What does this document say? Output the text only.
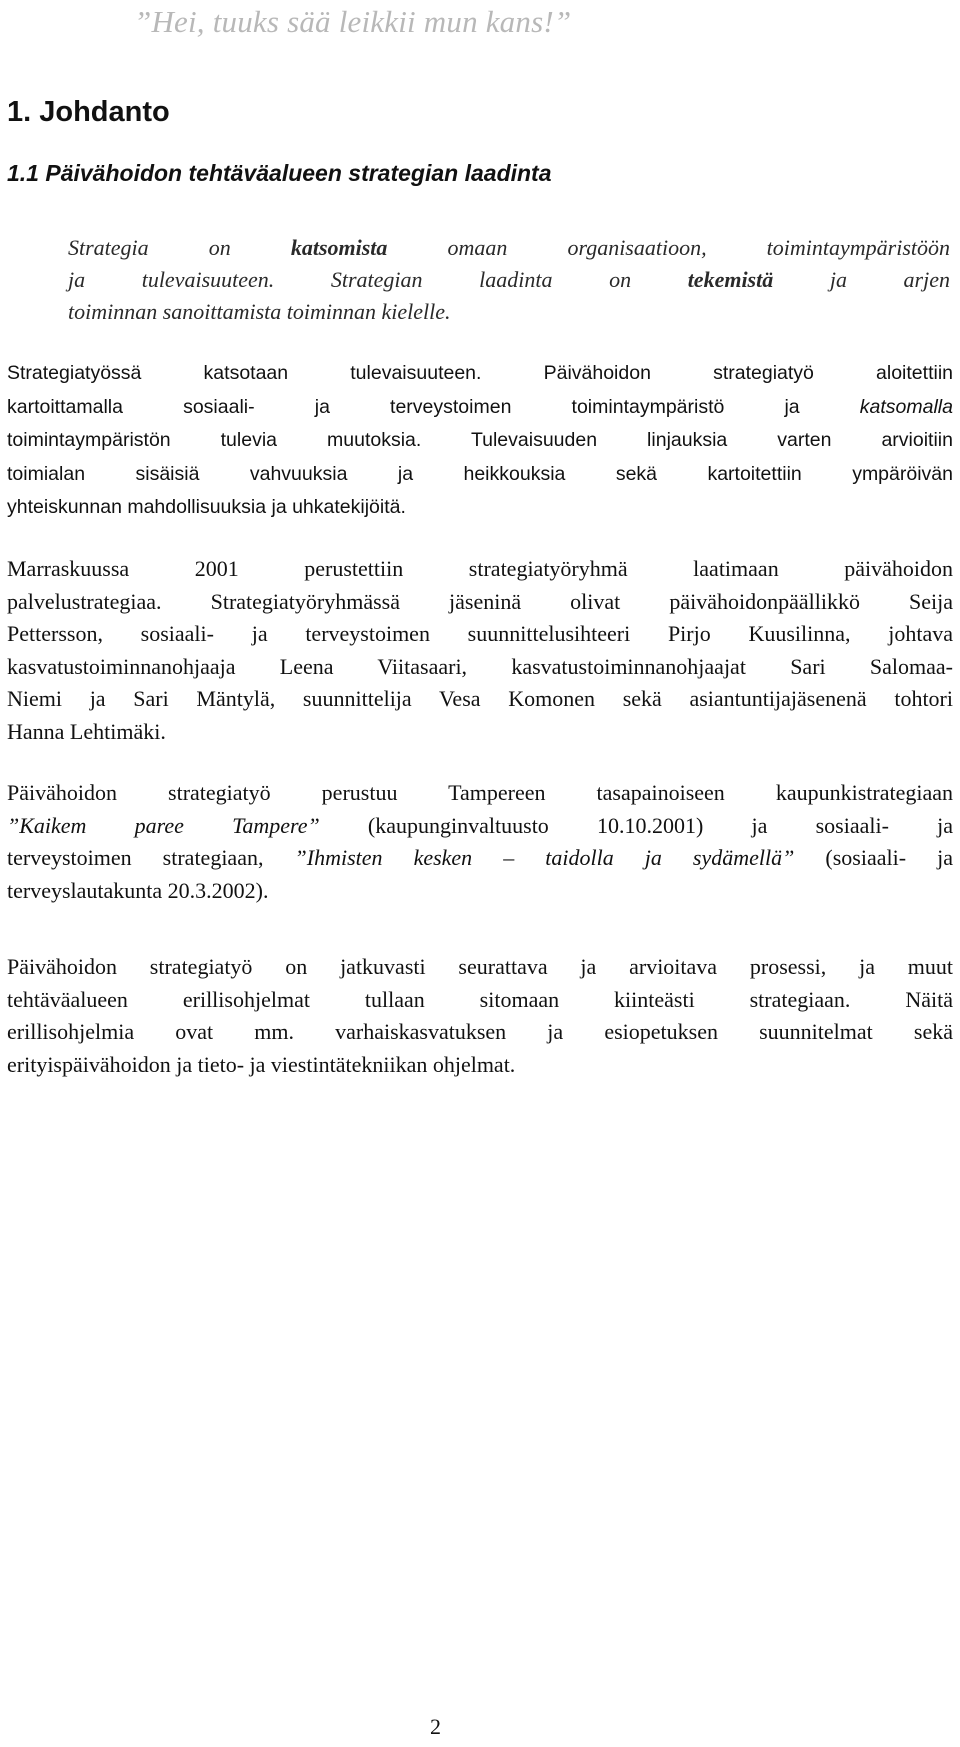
”Hei, tuuks sää leikkii mun kans!”
1. Johdanto
1.1 Päivähoidon tehtäväalueen strategian laadinta
Strategia on katsomista omaan organisaatioon, toimintaympäristöön
ja tulevaisuuteen. Strategian laadinta on tekemistä ja arjen
toiminnan sanoittamista toiminnan kielelle.
Strategiatyössä katsotaan tulevaisuuteen. Päivähoidon strategiatyö aloitettiin
kartoittamalla sosiaali- ja terveystoimen toimintaympäristö ja katsomalla
toimintaympäristön tulevia muutoksia. Tulevaisuuden linjauksia varten arvioitiin
toimialan sisäisiä vahvuuksia ja heikkouksia sekä kartoitettiin ympäröivän
yhteiskunnan mahdollisuuksia ja uhkatekijöitä.
Marraskuussa 2001 perustettiin strategiatyöryhmä laatimaan päivähoidon
palvelustrategiaa. Strategiatyöryhmässä jäseninä olivat päivähoidonpäällikkö Seija
Pettersson, sosiaali- ja terveystoimen suunnittelusihteeri Pirjo Kuusilinna, johtava
kasvatustoiminnanohjaaja Leena Viitasaari, kasvatustoiminnanohjaajat Sari Salomaa-
Niemi ja Sari Mäntylä, suunnittelija Vesa Komonen sekä asiantuntijajäsenenä tohtori
Hanna Lehtimäki.
Päivähoidon strategiatyö perustuu Tampereen tasapainoiseen kaupunkistrategiaan
”Kaikem paree Tampere” (kaupunginvaltuusto 10.10.2001) ja sosiaali- ja
terveystoimen strategiaan, ”Ihmisten kesken – taidolla ja sydämellä” (sosiaali- ja
terveyslautakunta 20.3.2002).
Päivähoidon strategiatyö on jatkuvasti seurattava ja arvioitava prosessi, ja muut
tehtäväalueen erillisohjelmat tullaan sitomaan kiinteästi strategiaan. Näitä
erillisohjelmia ovat mm. varhaiskasvatuksen ja esiopetuksen suunnitelmat sekä
erityispäivähoidon ja tieto- ja viestintätekniikan ohjelmat.
2
